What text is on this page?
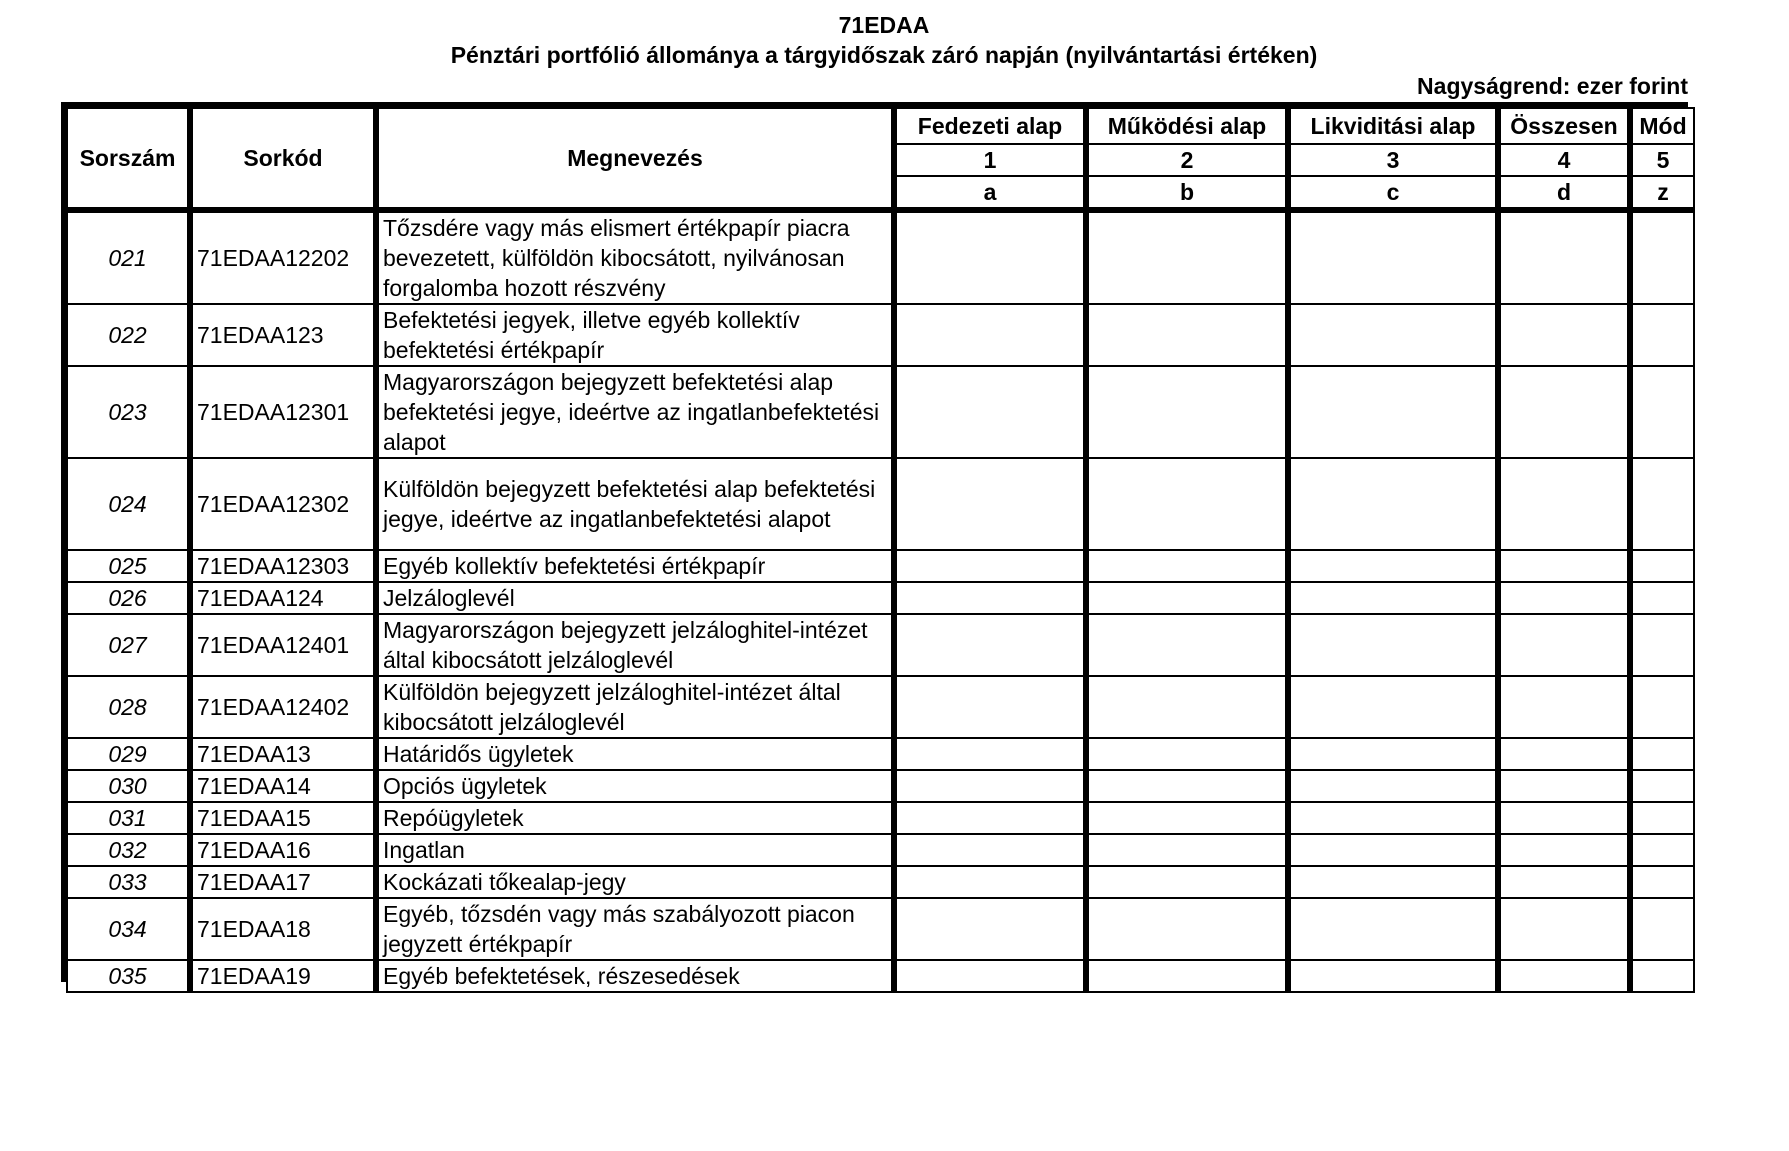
71EDAA
Pénztári portfólió állománya a tárgyidőszak záró napján (nyilvántartási értéken)
Nagyságrend: ezer forint
Sorszám	Sorkód	Megnevezés	Fedezeti alap	Működési alap	Likviditási alap	Összesen	Mód
			1	2	3	4	5
			a	b	c	d	z
021	71EDAA12202	Tőzsdére vagy más elismert értékpapír piacra bevezetett, külföldön kibocsátott, nyilvánosan forgalomba hozott részvény					
022	71EDAA123	Befektetési jegyek, illetve egyéb kollektív befektetési értékpapír					
023	71EDAA12301	Magyarországon bejegyzett befektetési alap befektetési jegye, ideértve az ingatlanbefektetési alapot					
024	71EDAA12302	Külföldön bejegyzett befektetési alap befektetési jegye, ideértve az ingatlanbefektetési alapot					
025	71EDAA12303	Egyéb kollektív befektetési értékpapír					
026	71EDAA124	Jelzáloglevél					
027	71EDAA12401	Magyarországon bejegyzett jelzáloghitel-intézet által kibocsátott jelzáloglevél					
028	71EDAA12402	Külföldön bejegyzett jelzáloghitel-intézet által kibocsátott jelzáloglevél					
029	71EDAA13	Határidős ügyletek					
030	71EDAA14	Opciós ügyletek					
031	71EDAA15	Repóügyletek					
032	71EDAA16	Ingatlan					
033	71EDAA17	Kockázati tőkealap-jegy					
034	71EDAA18	Egyéb, tőzsdén vagy más szabályozott piacon jegyzett értékpapír					
035	71EDAA19	Egyéb befektetések, részesedések					
